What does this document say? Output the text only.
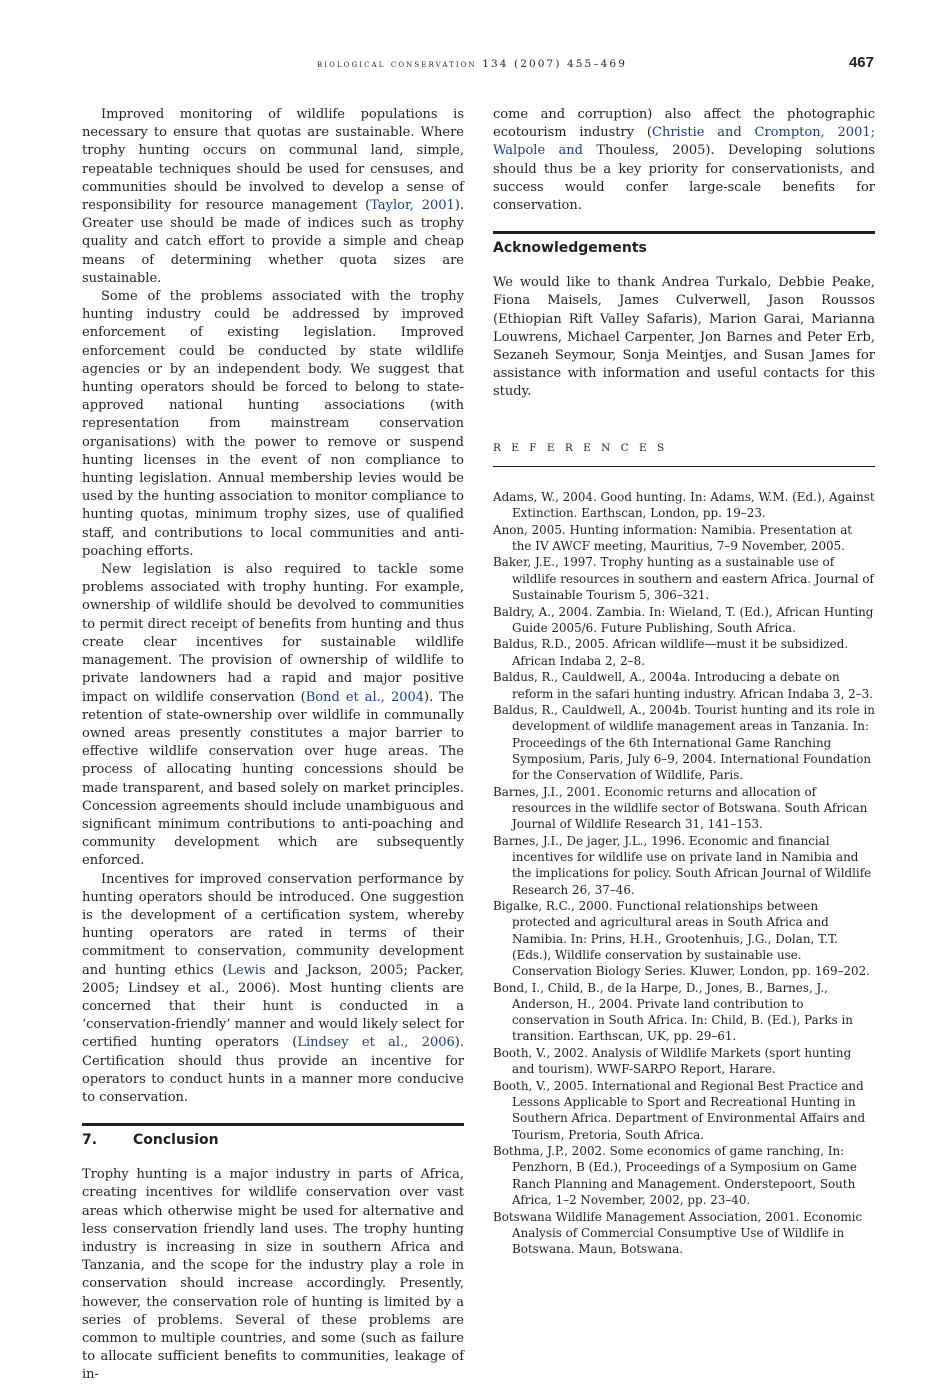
biological conservation 134 (2007) 455–469	467

Improved monitoring of wildlife populations is necessary to ensure that quotas are sustainable. Where trophy hunting occurs on communal land, simple, repeatable techniques should be used for censuses, and communities should be involved to develop a sense of responsibility for resource management (Taylor, 2001). Greater use should be made of indices such as trophy quality and catch effort to provide a simple and cheap means of determining whether quota sizes are sustainable.

Some of the problems associated with the trophy hunting industry could be addressed by improved enforcement of existing legislation. Improved enforcement could be conducted by state wildlife agencies or by an independent body. We suggest that hunting operators should be forced to belong to state-approved national hunting associations (with representation from mainstream conservation organisations) with the power to remove or suspend hunting licenses in the event of non compliance to hunting legislation. Annual membership levies would be used by the hunting association to monitor compliance to hunting quotas, minimum trophy sizes, use of qualified staff, and contributions to local communities and anti-poaching efforts.

New legislation is also required to tackle some problems associated with trophy hunting. For example, ownership of wildlife should be devolved to communities to permit direct receipt of benefits from hunting and thus create clear incentives for sustainable wildlife management. The provision of ownership of wildlife to private landowners had a rapid and major positive impact on wildlife conservation (Bond et al., 2004). The retention of state-ownership over wildlife in communally owned areas presently constitutes a major barrier to effective wildlife conservation over huge areas. The process of allocating hunting concessions should be made transparent, and based solely on market principles. Concession agreements should include unambiguous and significant minimum contributions to anti-poaching and community development which are subsequently enforced.

Incentives for improved conservation performance by hunting operators should be introduced. One suggestion is the development of a certification system, whereby hunting operators are rated in terms of their commitment to conservation, community development and hunting ethics (Lewis and Jackson, 2005; Packer, 2005; Lindsey et al., 2006). Most hunting clients are concerned that their hunt is conducted in a ‘conservation-friendly’ manner and would likely select for certified hunting operators (Lindsey et al., 2006). Certification should thus provide an incentive for operators to conduct hunts in a manner more conducive to conservation.

7.	Conclusion

Trophy hunting is a major industry in parts of Africa, creating incentives for wildlife conservation over vast areas which otherwise might be used for alternative and less conservation friendly land uses. The trophy hunting industry is increasing in size in southern Africa and Tanzania, and the scope for the industry play a role in conservation should increase accordingly. Presently, however, the conservation role of hunting is limited by a series of problems. Several of these problems are common to multiple countries, and some (such as failure to allocate sufficient benefits to communities, leakage of in-

come and corruption) also affect the photographic ecotourism industry (Christie and Crompton, 2001; Walpole and Thouless, 2005). Developing solutions should thus be a key priority for conservationists, and success would confer large-scale benefits for conservation.

Acknowledgements

We would like to thank Andrea Turkalo, Debbie Peake, Fiona Maisels, James Culverwell, Jason Roussos (Ethiopian Rift Valley Safaris), Marion Garai, Marianna Louwrens, Michael Carpenter, Jon Barnes and Peter Erb, Sezaneh Seymour, Sonja Meintjes, and Susan James for assistance with information and useful contacts for this study.

R E F E R E N C E S

Adams, W., 2004. Good hunting. In: Adams, W.M. (Ed.), Against Extinction. Earthscan, London, pp. 19–23.

Anon, 2005. Hunting information: Namibia. Presentation at the IV AWCF meeting, Mauritius, 7–9 November, 2005.

Baker, J.E., 1997. Trophy hunting as a sustainable use of wildlife resources in southern and eastern Africa. Journal of Sustainable Tourism 5, 306–321.

Baldry, A., 2004. Zambia. In: Wieland, T. (Ed.), African Hunting Guide 2005/6. Future Publishing, South Africa.

Baldus, R.D., 2005. African wildlife—must it be subsidized. African Indaba 2, 2–8.

Baldus, R., Cauldwell, A., 2004a. Introducing a debate on reform in the safari hunting industry. African Indaba 3, 2–3.

Baldus, R., Cauldwell, A., 2004b. Tourist hunting and its role in development of wildlife management areas in Tanzania. In: Proceedings of the 6th International Game Ranching Symposium, Paris, July 6–9, 2004. International Foundation for the Conservation of Wildlife, Paris.

Barnes, J.I., 2001. Economic returns and allocation of resources in the wildlife sector of Botswana. South African Journal of Wildlife Research 31, 141–153.

Barnes, J.I., De jager, J.L., 1996. Economic and financial incentives for wildlife use on private land in Namibia and the implications for policy. South African Journal of Wildlife Research 26, 37–46.

Bigalke, R.C., 2000. Functional relationships between protected and agricultural areas in South Africa and Namibia. In: Prins, H.H., Grootenhuis, J.G., Dolan, T.T. (Eds.), Wildlife conservation by sustainable use. Conservation Biology Series. Kluwer, London, pp. 169–202.

Bond, I., Child, B., de la Harpe, D., Jones, B., Barnes, J., Anderson, H., 2004. Private land contribution to conservation in South Africa. In: Child, B. (Ed.), Parks in transition. Earthscan, UK, pp. 29–61.

Booth, V., 2002. Analysis of Wildlife Markets (sport hunting and tourism). WWF-SARPO Report, Harare.

Booth, V., 2005. International and Regional Best Practice and Lessons Applicable to Sport and Recreational Hunting in Southern Africa. Department of Environmental Affairs and Tourism, Pretoria, South Africa.

Bothma, J.P., 2002. Some economics of game ranching, In: Penzhorn, B (Ed.), Proceedings of a Symposium on Game Ranch Planning and Management. Onderstepoort, South Africa, 1–2 November, 2002, pp. 23–40.

Botswana Wildlife Management Association, 2001. Economic Analysis of Commercial Consumptive Use of Wildlife in Botswana. Maun, Botswana.
